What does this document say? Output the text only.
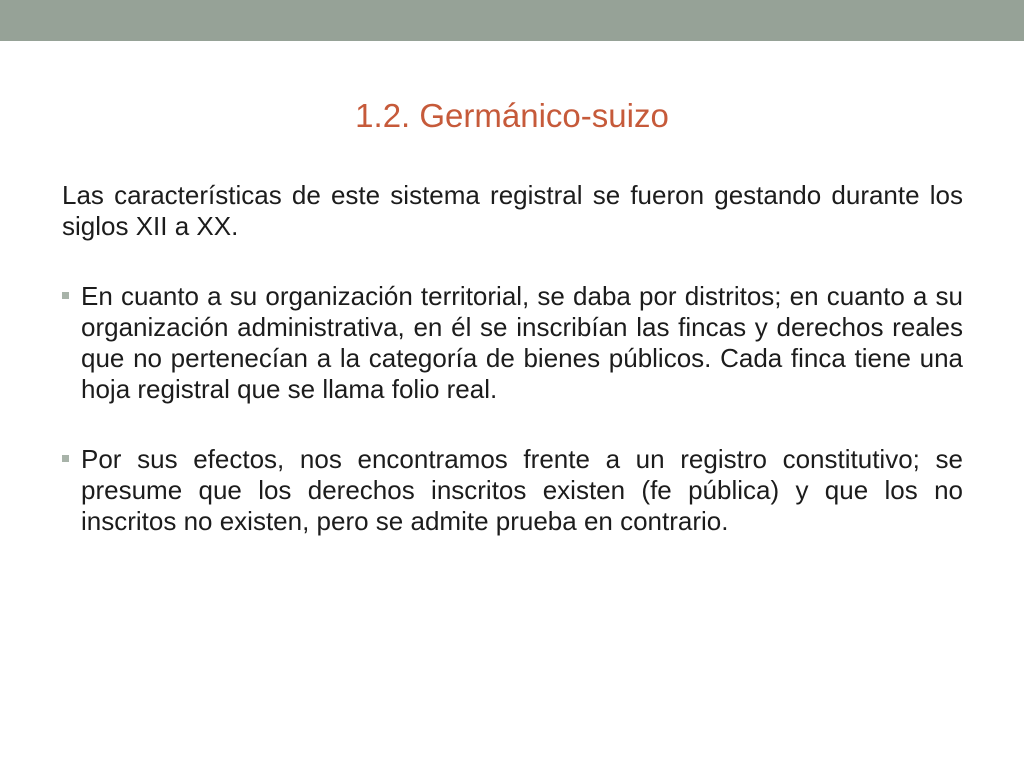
1.2. Germánico-suizo

Las características de este sistema registral se fueron gestando durante los siglos XII a XX.

En cuanto a su organización territorial, se daba por distritos; en cuanto a su organización administrativa, en él se inscribían las fincas y derechos reales que no pertenecían a la categoría de bienes públicos. Cada finca tiene una hoja registral que se llama folio real.
Por sus efectos, nos encontramos frente a un registro constitutivo; se presume que los derechos inscritos existen (fe pública) y que los no inscritos no existen, pero se admite prueba en contrario.
